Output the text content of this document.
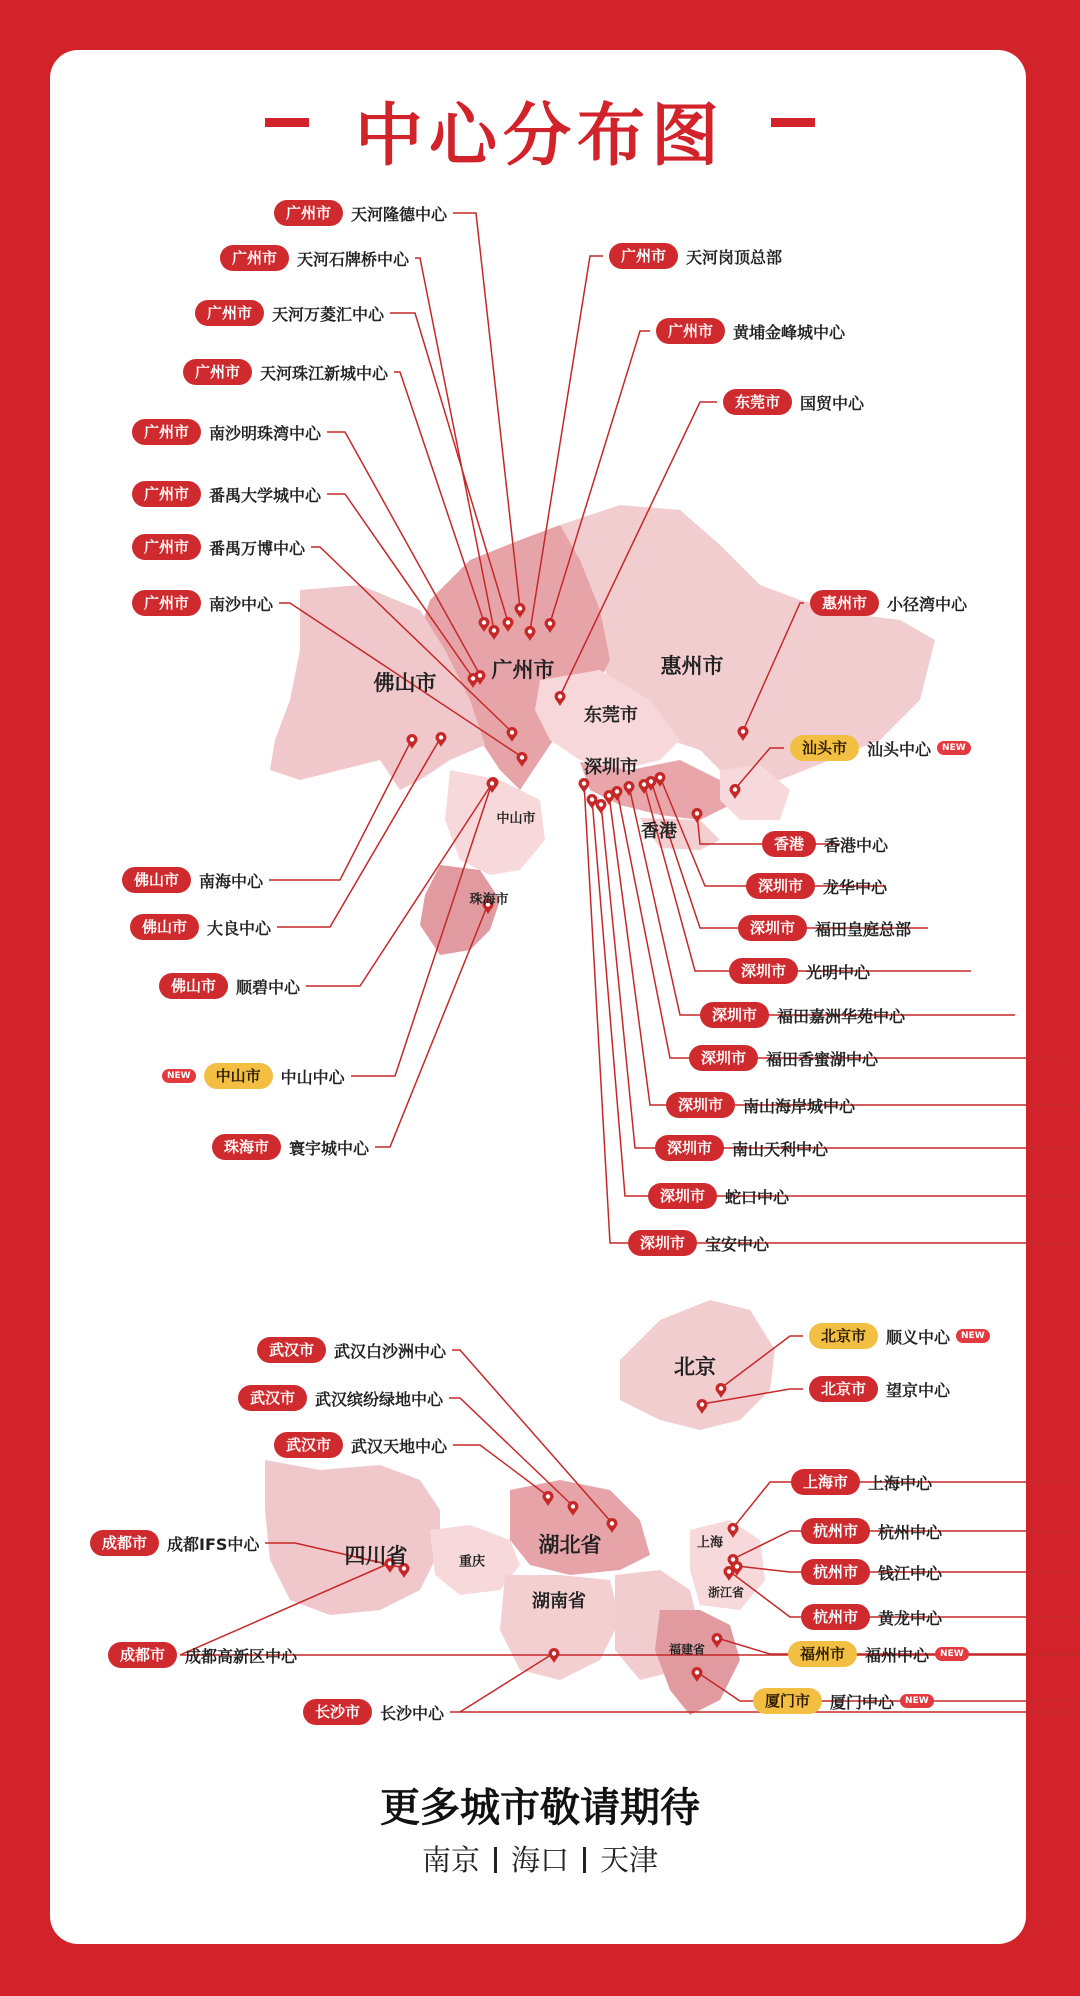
中心分布图
广州市	惠州市
佛山市
东莞市
深圳市
香港
中山市
珠海市
北京
四川省	湖北省
重庆
湖南省
上海
浙江省
福建省
广州市	天河隆德中心
广州市	天河石牌桥中心
广州市	天河万菱汇中心
广州市	天河珠江新城中心
广州市	南沙明珠湾中心
广州市	番禺大学城中心
广州市	番禺万博中心
广州市	南沙中心
广州市	天河岗顶总部
广州市	黄埔金峰城中心
东莞市	国贸中心
惠州市	小径湾中心
汕头市	汕头中心	NEW
香港	香港中心
深圳市	龙华中心
深圳市	福田皇庭总部
深圳市	光明中心
深圳市	福田嘉洲华苑中心
深圳市	福田香蜜湖中心
深圳市	南山海岸城中心
深圳市	南山天利中心
深圳市	蛇口中心
深圳市	宝安中心
佛山市	南海中心
佛山市	大良中心
佛山市	顺碧中心
NEW	中山市	中山中心
珠海市	寰宇城中心
武汉市	武汉白沙洲中心
武汉市	武汉缤纷绿地中心
武汉市	武汉天地中心
成都市	成都IFS中心
成都市	成都高新区中心
长沙市	长沙中心
北京市	顺义中心	NEW
北京市	望京中心
上海市	上海中心
杭州市	杭州中心
杭州市	钱江中心
杭州市	黄龙中心
福州市	福州中心	NEW
厦门市	厦门中心	NEW
更多城市敬请期待
南京 海口 天津
